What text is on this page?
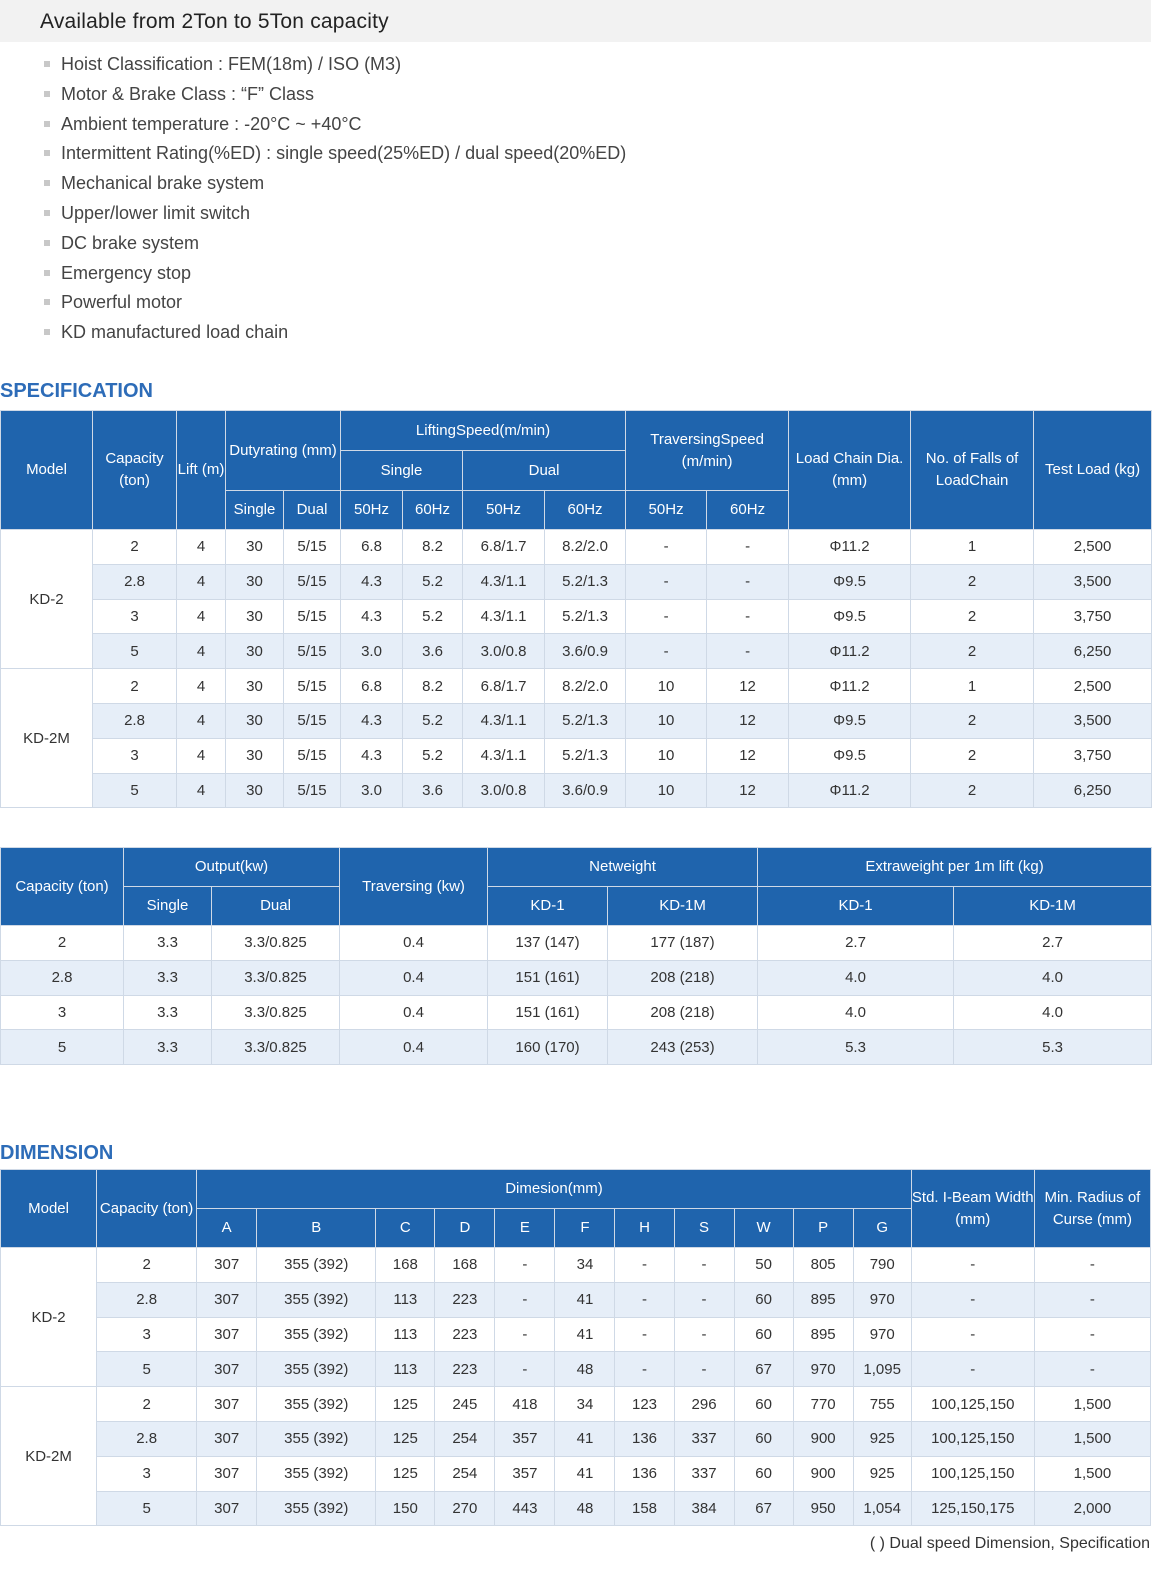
Available from 2Ton to 5Ton capacity
Hoist Classification : FEM(18m) / ISO (M3)
Motor & Brake Class : “F” Class
Ambient temperature : -20°C ~ +40°C
Intermittent Rating(%ED) : single speed(25%ED) / dual speed(20%ED)
Mechanical brake system
Upper/lower limit switch
DC brake system
Emergency stop
Powerful motor
KD manufactured load chain
SPECIFICATION
Model	Capacity (ton)	Lift (m)	Dutyrating (mm)		LiftingSpeed(m/min)				TraversingSpeed (m/min)		Load Chain Dia.(mm)	No. of Falls of LoadChain	Test Load (kg)
					Single		Dual						
			Single	Dual	50Hz	60Hz	50Hz	60Hz	50Hz	60Hz			
KD-2	2	4	30	5/15	6.8	8.2	6.8/1.7	8.2/2.0	-	-	Φ11.2	1	2,500
	2.8	4	30	5/15	4.3	5.2	4.3/1.1	5.2/1.3	-	-	Φ9.5	2	3,500
	3	4	30	5/15	4.3	5.2	4.3/1.1	5.2/1.3	-	-	Φ9.5	2	3,750
	5	4	30	5/15	3.0	3.6	3.0/0.8	3.6/0.9	-	-	Φ11.2	2	6,250
KD-2M	2	4	30	5/15	6.8	8.2	6.8/1.7	8.2/2.0	10	12	Φ11.2	1	2,500
	2.8	4	30	5/15	4.3	5.2	4.3/1.1	5.2/1.3	10	12	Φ9.5	2	3,500
	3	4	30	5/15	4.3	5.2	4.3/1.1	5.2/1.3	10	12	Φ9.5	2	3,750
	5	4	30	5/15	3.0	3.6	3.0/0.8	3.6/0.9	10	12	Φ11.2	2	6,250
Capacity (ton)	Output(kw)		Traversing (kw)	Netweight		Extraweight per 1m lift (kg)	
	Single	Dual		KD-1	KD-1M	KD-1	KD-1M
2	3.3	3.3/0.825	0.4	137 (147)	177 (187)	2.7	2.7
2.8	3.3	3.3/0.825	0.4	151 (161)	208 (218)	4.0	4.0
3	3.3	3.3/0.825	0.4	151 (161)	208 (218)	4.0	4.0
5	3.3	3.3/0.825	0.4	160 (170)	243 (253)	5.3	5.3
DIMENSION
Model	Capacity (ton)	Dimesion(mm)											Std. I-Beam Width (mm)	Min. Radius of Curse (mm)
		A	B	C	D	E	F	H	S	W	P	G		
KD-2	2	307	355 (392)	168	168	-	34	-	-	50	805	790	-	-
	2.8	307	355 (392)	113	223	-	41	-	-	60	895	970	-	-
	3	307	355 (392)	113	223	-	41	-	-	60	895	970	-	-
	5	307	355 (392)	113	223	-	48	-	-	67	970	1,095	-	-
KD-2M	2	307	355 (392)	125	245	418	34	123	296	60	770	755	100,125,150	1,500
	2.8	307	355 (392)	125	254	357	41	136	337	60	900	925	100,125,150	1,500
	3	307	355 (392)	125	254	357	41	136	337	60	900	925	100,125,150	1,500
	5	307	355 (392)	150	270	443	48	158	384	67	950	1,054	125,150,175	2,000
( ) Dual speed Dimension, Specification
